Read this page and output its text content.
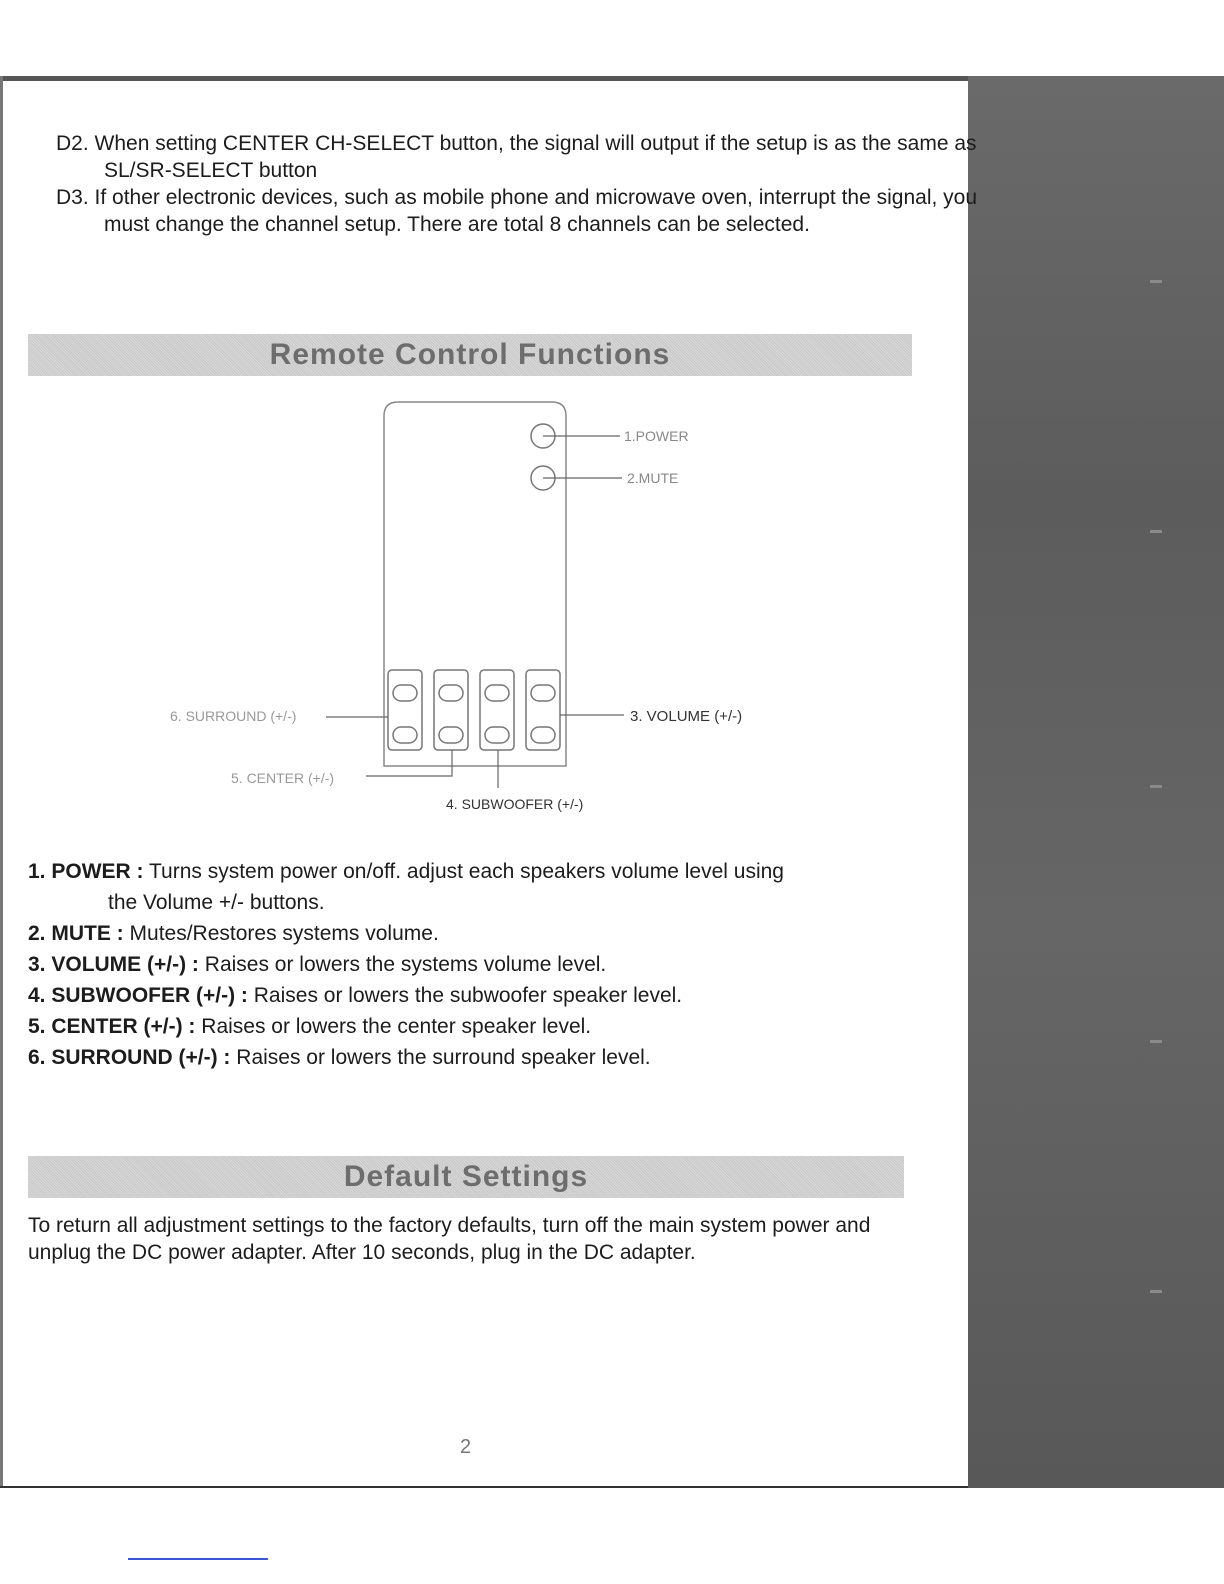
D2. When setting CENTER CH-SELECT button, the signal will output if the setup is as the same as SL/SR-SELECT button

D3. If other electronic devices, such as mobile phone and microwave oven, interrupt the signal, you must change the channel setup. There are total 8 channels can be selected.

Remote Control Functions
1.POWER
2.MUTE
6. SURROUND (+/-)	3. VOLUME (+/-)
5. CENTER (+/-)
4. SUBWOOFER (+/-)
1. POWER : Turns system power on/off. adjust each speakers volume level using
the Volume +/- buttons.
2. MUTE : Mutes/Restores systems volume.
3. VOLUME (+/-) : Raises or lowers the systems volume level.
4. SUBWOOFER (+/-) : Raises or lowers the subwoofer speaker level.
5. CENTER (+/-) : Raises or lowers the center speaker level.
6. SURROUND (+/-) : Raises or lowers the surround speaker level.
Default Settings

To return all adjustment settings to the factory defaults, turn off the main system power and unplug the DC power adapter. After 10 seconds, plug in the DC adapter.

2
